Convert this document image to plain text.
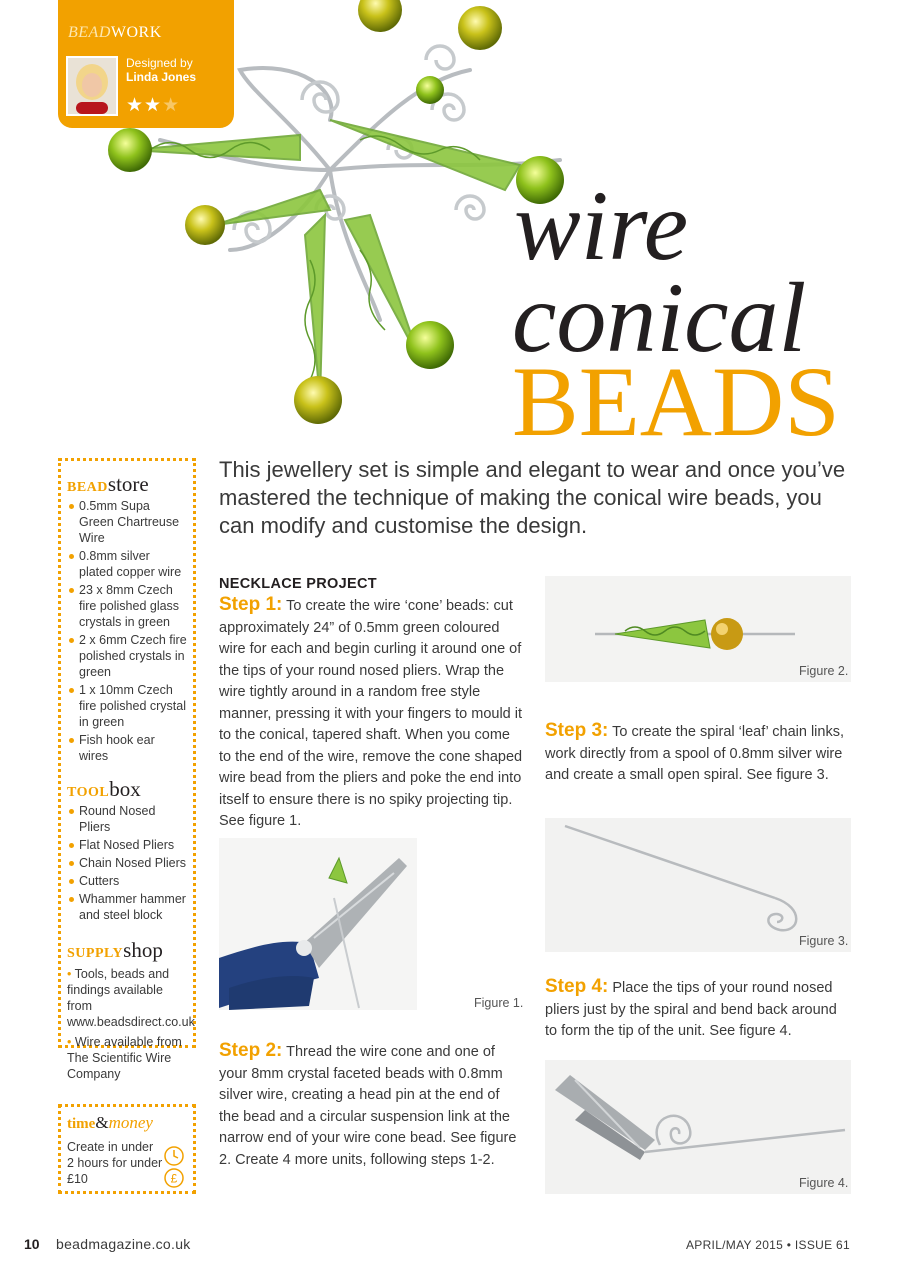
BEADWORK
Designed by
Linda Jones
★★★
wire
conical
BEADS
BEADstore
0.5mm Supa Green Chartreuse Wire
0.8mm silver plated copper wire
23 x 8mm Czech fire polished glass crystals in green
2 x 6mm Czech fire polished crystals in green
1 x 10mm Czech fire polished crystal in green
Fish hook ear wires
TOOLbox
Round Nosed Pliers
Flat Nosed Pliers
Chain Nosed Pliers
Cutters
Whammer hammer and steel block
SUPPLYshop
• Tools, beads and findings available from www.beadsdirect.co.uk
• Wire available from The Scientific Wire Company
time&money
Create in under 2 hours for under £10	£

This jewellery set is simple and elegant to wear and once you’ve mastered the technique of making the conical wire beads, you can modify and customise the design.

NECKLACE PROJECT
Step 1: To create the wire ‘cone’ beads: cut approximately 24” of 0.5mm green coloured wire for each and begin curling it around one of the tips of your round nosed pliers. Wrap the wire tightly around in a random free style manner, pressing it with your fingers to mould it to the conical, tapered shaft. When you come to the end of the wire, remove the cone shaped wire bead from the pliers and poke the end into itself to ensure there is no spiky projecting tip. See figure 1.
Figure 1.
Step 2: Thread the wire cone and one of your 8mm crystal faceted beads with 0.8mm silver wire, creating a head pin at the end of the bead and a circular suspension link at the narrow end of your wire cone bead. See figure 2. Create 4 more units, following steps 1-2.
Figure 2.
Step 3: To create the spiral ‘leaf’ chain links, work directly from a spool of 0.8mm silver wire and create a small open spiral. See figure 3.
Figure 3.
Step 4: Place the tips of your round nosed pliers just by the spiral and bend back around to form the tip of the unit. See figure 4.
Figure 4.
10 beadmagazine.co.uk	APRIL/MAY 2015 • ISSUE 61
